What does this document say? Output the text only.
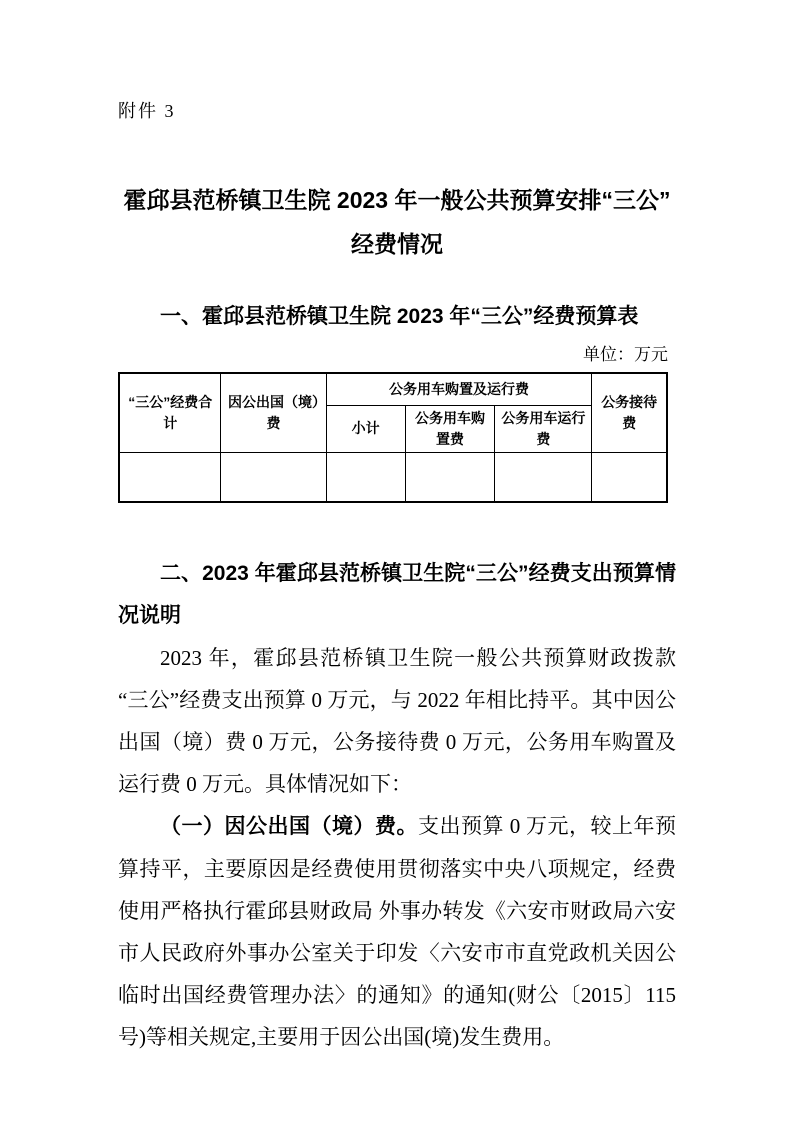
附件 3
霍邱县范桥镇卫生院 2023 年一般公共预算安排“三公”经费情况
一、霍邱县范桥镇卫生院 2023 年“三公”经费预算表
单位：万元
“三公”经费合计	因公出国（境）费	公务用车购置及运行费			公务接待费
		小计	公务用车购置费	公务用车运行费	

二、2023 年霍邱县范桥镇卫生院“三公”经费支出预算情况说明

2023 年，霍邱县范桥镇卫生院一般公共预算财政拨款“三公”经费支出预算 0 万元，与 2022 年相比持平。其中因公出国（境）费 0 万元，公务接待费 0 万元，公务用车购置及运行费 0 万元。具体情况如下：

（一）因公出国（境）费。支出预算 0 万元，较上年预算持平，主要原因是经费使用贯彻落实中央八项规定，经费使用严格执行霍邱县财政局 外事办转发《六安市财政局六安市人民政府外事办公室关于印发〈六安市市直党政机关因公临时出国经费管理办法〉的通知》的通知(财公〔2015〕115 号)等相关规定,主要用于因公出国(境)发生费用。
